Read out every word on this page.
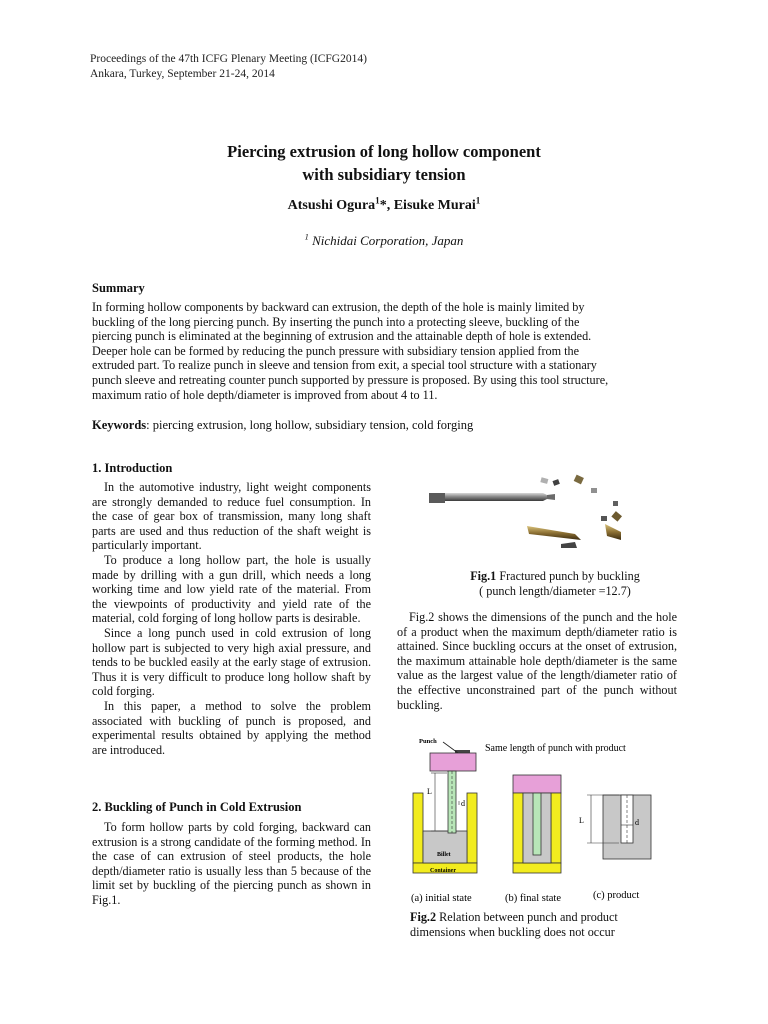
Proceedings of the 47th ICFG Plenary Meeting (ICFG2014)
Ankara, Turkey, September 21-24, 2014
Piercing extrusion of long hollow component
with subsidiary tension
Atsushi Ogura$^1$*, Eisuke Murai$^1$
$^1$ Nichidai Corporation, Japan
Summary
In forming hollow components by backward can extrusion, the depth of the hole is mainly limited by
buckling of the long piercing punch. By inserting the punch into a protecting sleeve, buckling of the
piercing punch is eliminated at the beginning of extrusion and the attainable depth of hole is extended.
Deeper hole can be formed by reducing the punch pressure with subsidiary tension applied from the
extruded part. To realize punch in sleeve and tension from exit, a special tool structure with a stationary
punch sleeve and retreating counter punch supported by pressure is proposed. By using this tool structure,
maximum ratio of hole depth/diameter is improved from about 4 to 11.
Keywords: piercing extrusion, long hollow, subsidiary tension, cold forging
1. Introduction

In the automotive industry, light weight components are strongly demanded to reduce fuel consumption. In the case of gear box of transmission, many long shaft parts are used and thus reduction of the shaft weight is particularly important.

To produce a long hollow part, the hole is usually made by drilling with a gun drill, which needs a long working time and low yield rate of the material. From the viewpoints of productivity and yield rate of the material, cold forging of long hollow parts is desirable.

Since a long punch used in cold extrusion of long hollow part is subjected to very high axial pressure, and tends to be buckled easily at the early stage of extrusion. Thus it is very difficult to produce long hollow shaft by cold forging.

In this paper, a method to solve the problem associated with buckling of punch is proposed, and experimental results obtained by applying the method are introduced.

2. Buckling of Punch in Cold Extrusion

To form hollow parts by cold forging, backward can extrusion is a strong candidate of the forming method. In the case of can extrusion of steel products, the hole depth/diameter ratio is usually less than 5 because of the limit set by buckling of the piercing punch as shown in Fig.1.

Fig.1 Fractured punch by buckling
( punch length/diameter =12.7)

Fig.2 shows the dimensions of the punch and the hole of a product when the maximum depth/diameter ratio is attained. Since buckling occurs at the onset of extrusion, the maximum attainable hole depth/diameter is the same value as the largest value of the length/diameter ratio of the effective unconstrained part of the punch without buckling.

Punch
d
L
Billet
Container
Same length of punch with product
L	d
(a) initial state	(b) final state	(c) product
Fig.2 Relation between punch and product
dimensions when buckling does not occur
